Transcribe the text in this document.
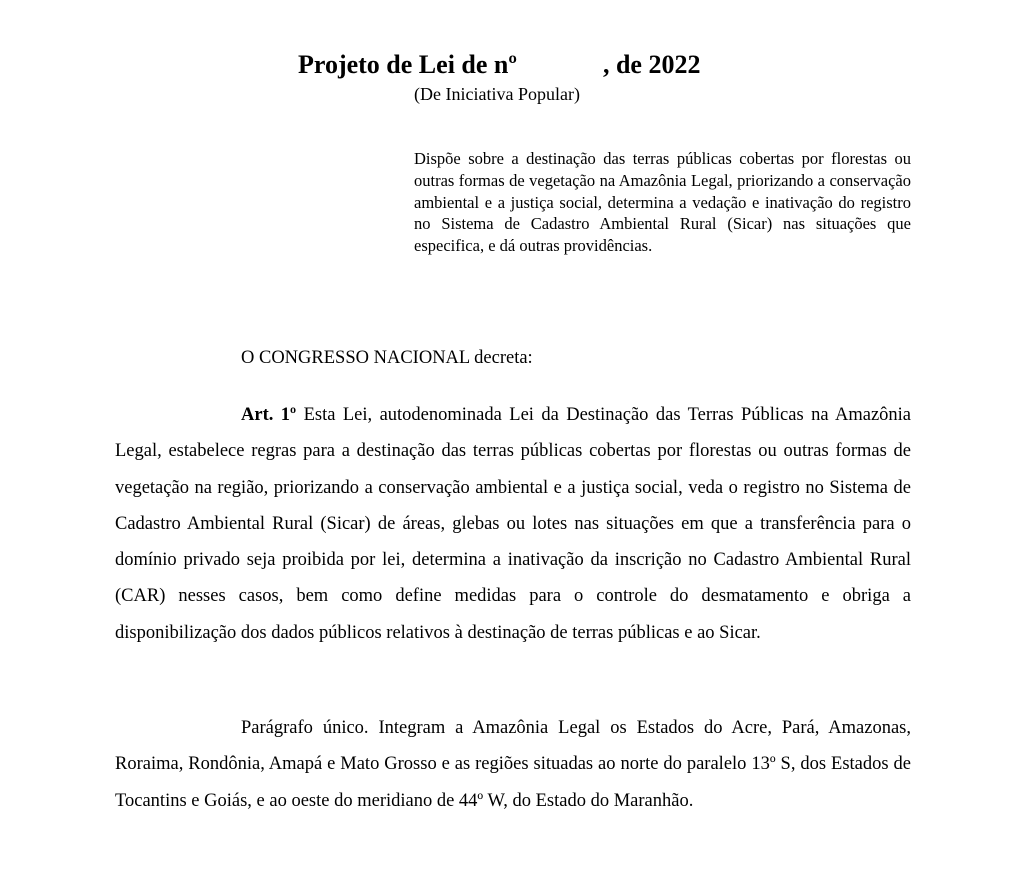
Projeto de Lei de nº	, de 2022
(De Iniciativa Popular)
Dispõe sobre a destinação das terras públicas cobertas por florestas ou outras formas de vegetação na Amazônia Legal, priorizando a conservação ambiental e a justiça social, determina a vedação e inativação do registro no Sistema de Cadastro Ambiental Rural (Sicar) nas situações que especifica, e dá outras providências.
O CONGRESSO NACIONAL decreta:
Art. 1º Esta Lei, autodenominada Lei da Destinação das Terras Públicas na Amazônia Legal, estabelece regras para a destinação das terras públicas cobertas por florestas ou outras formas de vegetação na região, priorizando a conservação ambiental e a justiça social, veda o registro no Sistema de Cadastro Ambiental Rural (Sicar) de áreas, glebas ou lotes nas situações em que a transferência para o domínio privado seja proibida por lei, determina a inativação da inscrição no Cadastro Ambiental Rural (CAR) nesses casos, bem como define medidas para o controle do desmatamento e obriga a disponibilização dos dados públicos relativos à destinação de terras públicas e ao Sicar.
Parágrafo único. Integram a Amazônia Legal os Estados do Acre, Pará, Amazonas, Roraima, Rondônia, Amapá e Mato Grosso e as regiões situadas ao norte do paralelo 13º S, dos Estados de Tocantins e Goiás, e ao oeste do meridiano de 44º W, do Estado do Maranhão.
